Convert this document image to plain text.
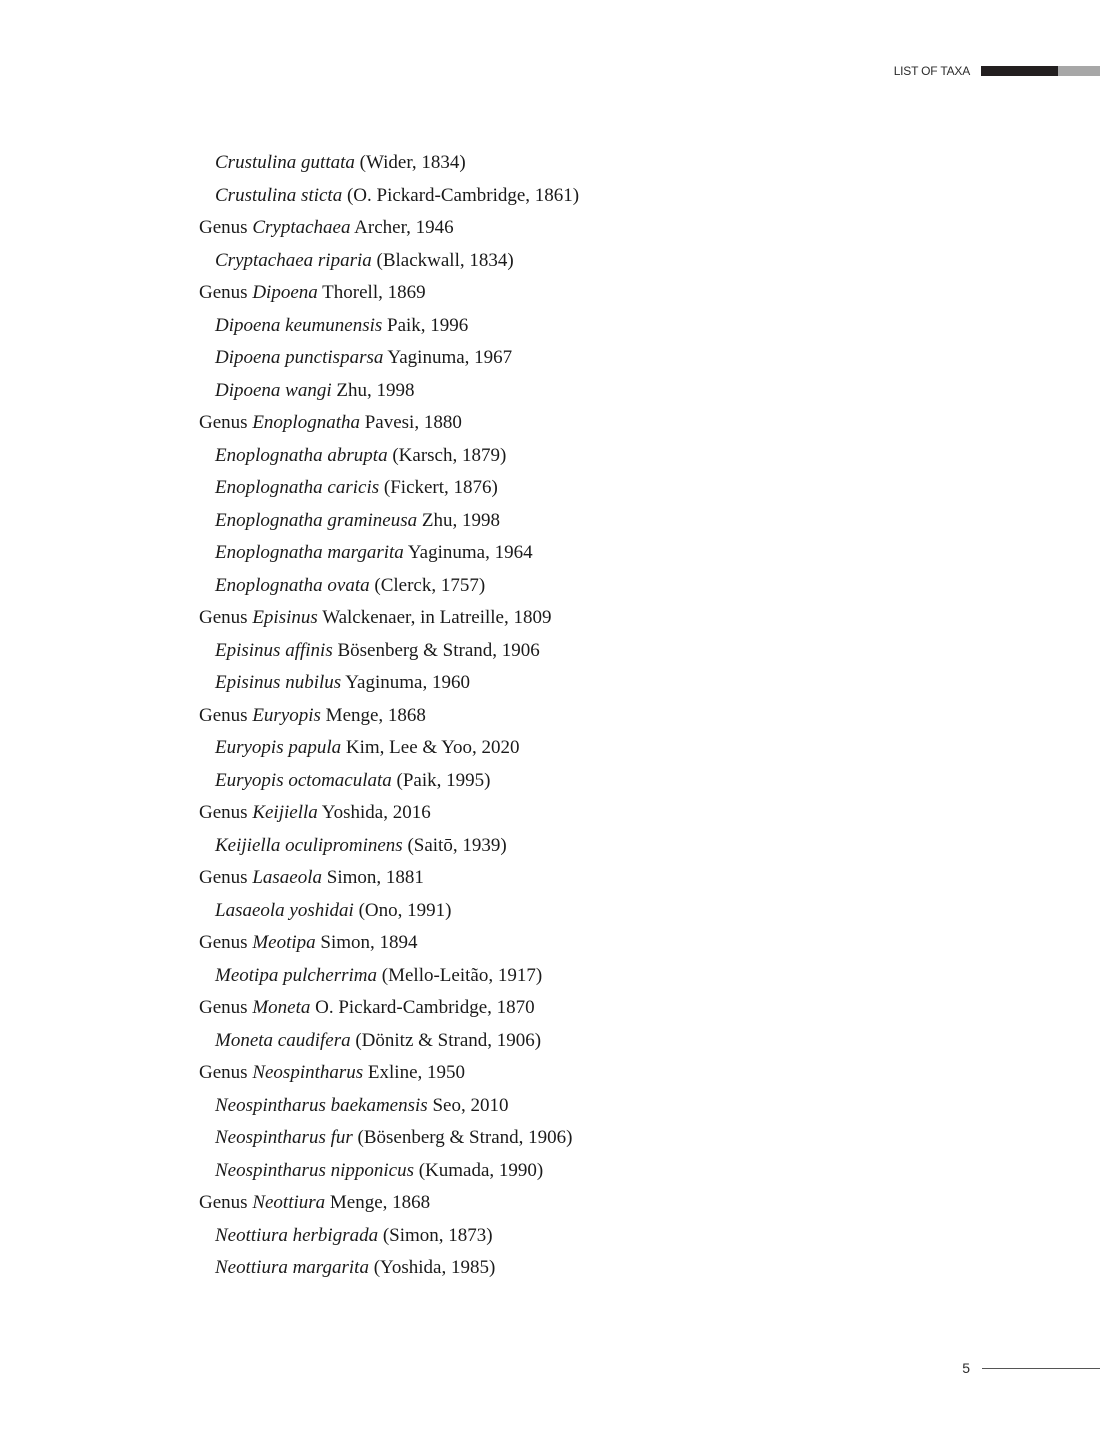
LIST OF TAXA
Crustulina guttata (Wider, 1834)
Crustulina sticta (O. Pickard-Cambridge, 1861)
Genus Cryptachaea Archer, 1946
Cryptachaea riparia (Blackwall, 1834)
Genus Dipoena Thorell, 1869
Dipoena keumunensis Paik, 1996
Dipoena punctisparsa Yaginuma, 1967
Dipoena wangi Zhu, 1998
Genus Enoplognatha Pavesi, 1880
Enoplognatha abrupta (Karsch, 1879)
Enoplognatha caricis (Fickert, 1876)
Enoplognatha gramineusa Zhu, 1998
Enoplognatha margarita Yaginuma, 1964
Enoplognatha ovata (Clerck, 1757)
Genus Episinus Walckenaer, in Latreille, 1809
Episinus affinis Bösenberg & Strand, 1906
Episinus nubilus Yaginuma, 1960
Genus Euryopis Menge, 1868
Euryopis papula Kim, Lee & Yoo, 2020
Euryopis octomaculata (Paik, 1995)
Genus Keijiella Yoshida, 2016
Keijiella oculiprominens (Saitō, 1939)
Genus Lasaeola Simon, 1881
Lasaeola yoshidai (Ono, 1991)
Genus Meotipa Simon, 1894
Meotipa pulcherrima (Mello-Leitão, 1917)
Genus Moneta O. Pickard-Cambridge, 1870
Moneta caudifera (Dönitz & Strand, 1906)
Genus Neospintharus Exline, 1950
Neospintharus baekamensis Seo, 2010
Neospintharus fur (Bösenberg & Strand, 1906)
Neospintharus nipponicus (Kumada, 1990)
Genus Neottiura Menge, 1868
Neottiura herbigrada (Simon, 1873)
Neottiura margarita (Yoshida, 1985)
5
